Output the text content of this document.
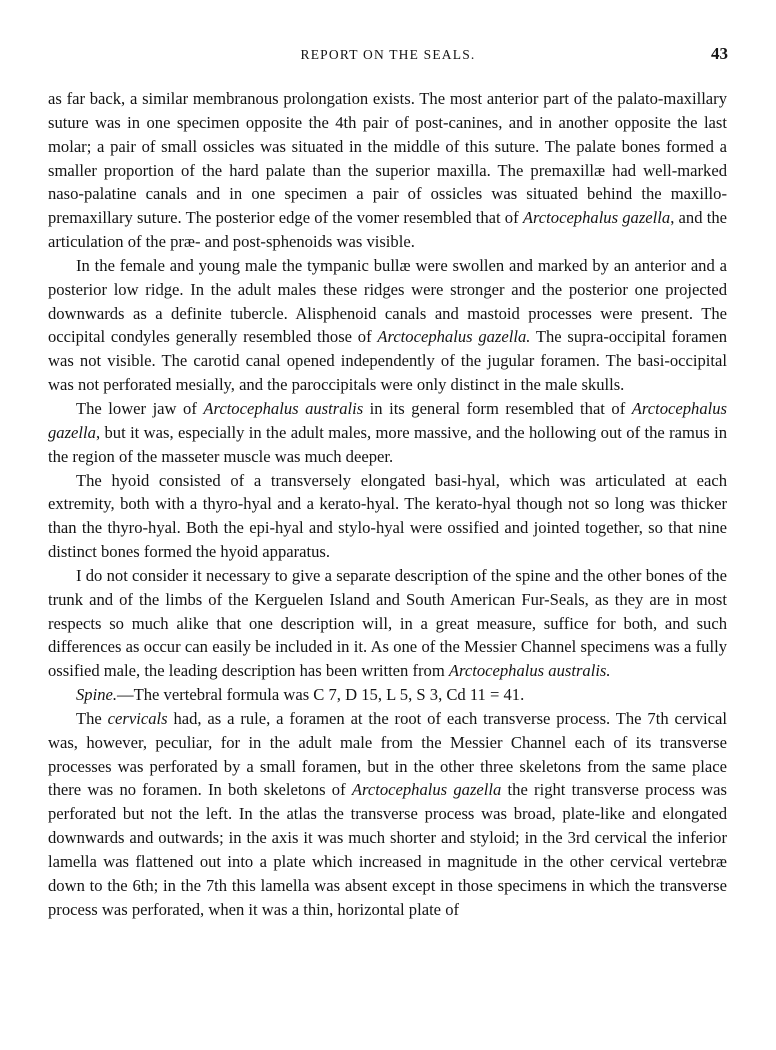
REPORT ON THE SEALS.	43

as far back, a similar membranous prolongation exists. The most anterior part of the palato-maxillary suture was in one specimen opposite the 4th pair of post-canines, and in another opposite the last molar; a pair of small ossicles was situated in the middle of this suture. The palate bones formed a smaller proportion of the hard palate than the superior maxilla. The premaxillæ had well-marked naso-palatine canals and in one specimen a pair of ossicles was situated behind the maxillo-premaxillary suture. The posterior edge of the vomer resembled that of Arctocephalus gazella, and the articulation of the præ- and post-sphenoids was visible.

In the female and young male the tympanic bullæ were swollen and marked by an anterior and a posterior low ridge. In the adult males these ridges were stronger and the posterior one projected downwards as a definite tubercle. Alisphenoid canals and mastoid processes were present. The occipital condyles generally resembled those of Arctocephalus gazella. The supra-occipital foramen was not visible. The carotid canal opened independently of the jugular foramen. The basi-occipital was not perforated mesially, and the paroccipitals were only distinct in the male skulls.

The lower jaw of Arctocephalus australis in its general form resembled that of Arctocephalus gazella, but it was, especially in the adult males, more massive, and the hollowing out of the ramus in the region of the masseter muscle was much deeper.

The hyoid consisted of a transversely elongated basi-hyal, which was articulated at each extremity, both with a thyro-hyal and a kerato-hyal. The kerato-hyal though not so long was thicker than the thyro-hyal. Both the epi-hyal and stylo-hyal were ossified and jointed together, so that nine distinct bones formed the hyoid apparatus.

I do not consider it necessary to give a separate description of the spine and the other bones of the trunk and of the limbs of the Kerguelen Island and South American Fur-Seals, as they are in most respects so much alike that one description will, in a great measure, suffice for both, and such differences as occur can easily be included in it. As one of the Messier Channel specimens was a fully ossified male, the leading description has been written from Arctocephalus australis.

Spine.—The vertebral formula was C 7, D 15, L 5, S 3, Cd 11 = 41.

The cervicals had, as a rule, a foramen at the root of each transverse process. The 7th cervical was, however, peculiar, for in the adult male from the Messier Channel each of its transverse processes was perforated by a small foramen, but in the other three skeletons from the same place there was no foramen. In both skeletons of Arctocephalus gazella the right transverse process was perforated but not the left. In the atlas the transverse process was broad, plate-like and elongated downwards and outwards; in the axis it was much shorter and styloid; in the 3rd cervical the inferior lamella was flattened out into a plate which increased in magnitude in the other cervical vertebræ down to the 6th; in the 7th this lamella was absent except in those specimens in which the transverse process was perforated, when it was a thin, horizontal plate of
